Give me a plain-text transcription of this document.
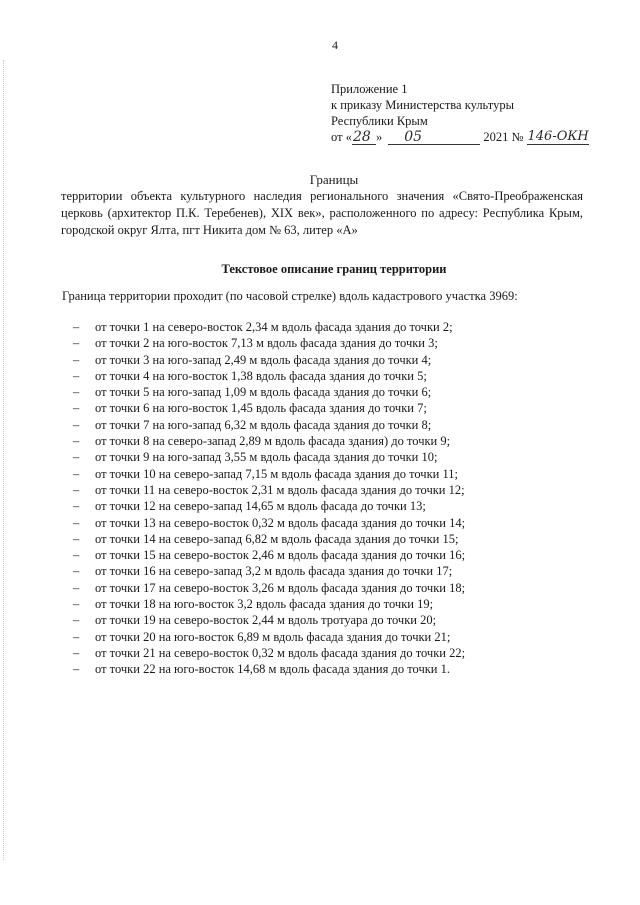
4
Приложение 1
к приказу Министерства культуры
Республики Крым
от « 28 » 05	2021 № 146-ОКН
Границы
территории объекта культурного наследия регионального значения «Свято-Преображенская церковь (архитектор П.К. Теребенев), XIX век», расположенного по адресу: Республика Крым, городской округ Ялта, пгт Никита дом № 63, литер «А»
Текстовое описание границ территории
Граница территории проходит (по часовой стрелке) вдоль кадастрового участка 3969:
–	от точки 1 на северо-восток 2,34 м вдоль фасада здания до точки 2;
–	от точки 2 на юго-восток 7,13 м вдоль фасада здания до точки 3;
–	от точки 3 на юго-запад 2,49 м вдоль фасада здания до точки 4;
–	от точки 4 на юго-восток 1,38 вдоль фасада здания до точки 5;
–	от точки 5 на юго-запад 1,09 м вдоль фасада здания до точки 6;
–	от точки 6 на юго-восток 1,45 вдоль фасада здания до точки 7;
–	от точки 7 на юго-запад 6,32 м вдоль фасада здания до точки 8;
–	от точки 8 на северо-запад 2,89 м вдоль фасада здания) до точки 9;
–	от точки 9 на юго-запад 3,55 м вдоль фасада здания до точки 10;
–	от точки 10 на северо-запад 7,15 м вдоль фасада здания до точки 11;
–	от точки 11 на северо-восток 2,31 м вдоль фасада здания до точки 12;
–	от точки 12 на северо-запад 14,65 м вдоль фасада до точки 13;
–	от точки 13 на северо-восток 0,32 м вдоль фасада здания до точки 14;
–	от точки 14 на северо-запад 6,82 м вдоль фасада здания до точки 15;
–	от точки 15 на северо-восток 2,46 м вдоль фасада здания до точки 16;
–	от точки 16 на северо-запад 3,2 м вдоль фасада здания до точки 17;
–	от точки 17 на северо-восток 3,26 м вдоль фасада здания до точки 18;
–	от точки 18 на юго-восток 3,2 вдоль фасада здания до точки 19;
–	от точки 19 на северо-восток 2,44 м вдоль тротуара до точки 20;
–	от точки 20 на юго-восток 6,89 м вдоль фасада здания до точки 21;
–	от точки 21 на северо-восток 0,32 м вдоль фасада здания до точки 22;
–	от точки 22 на юго-восток 14,68 м вдоль фасада здания до точки 1.
